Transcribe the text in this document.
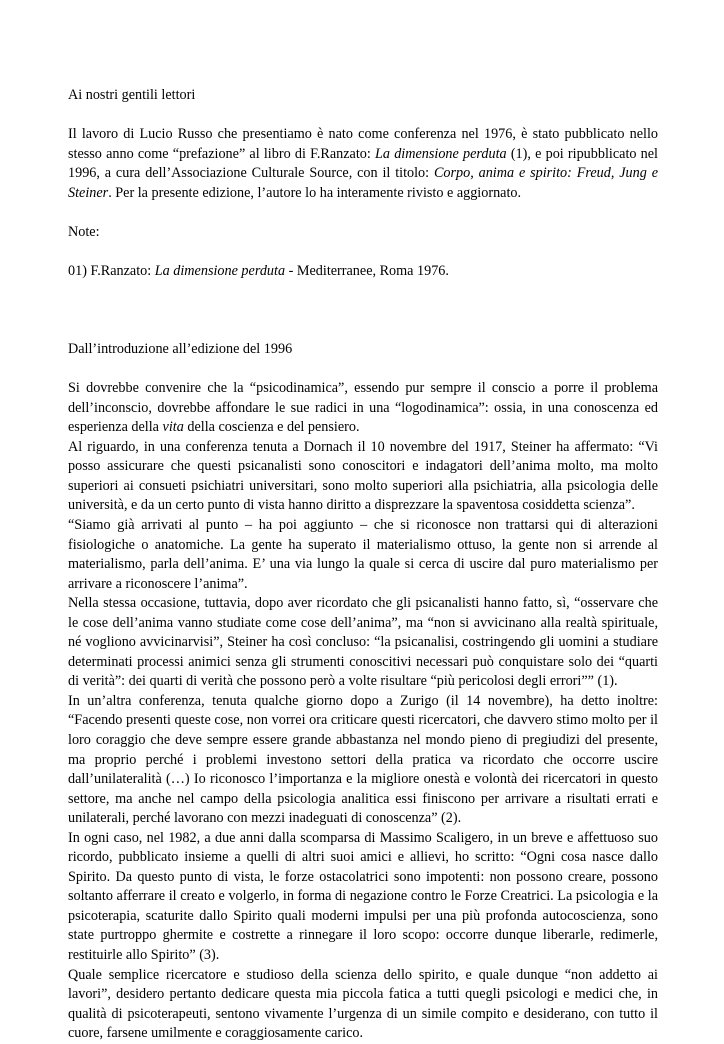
Ai nostri gentili lettori

Il lavoro di Lucio Russo che presentiamo è nato come conferenza nel 1976, è stato pubblicato nello stesso anno come “prefazione” al libro di F.Ranzato: La dimensione perduta (1), e poi ripubblicato nel 1996, a cura dell’Associazione Culturale Source, con il titolo: Corpo, anima e spirito: Freud, Jung e Steiner. Per la presente edizione, l’autore lo ha interamente rivisto e aggiornato.

Note:

01) F.Ranzato: La dimensione perduta - Mediterranee, Roma 1976.

Dall’introduzione all’edizione del 1996

Si dovrebbe convenire che la “psicodinamica”, essendo pur sempre il conscio a porre il problema dell’inconscio, dovrebbe affondare le sue radici in una “logodinamica”: ossia, in una conoscenza ed esperienza della vita della coscienza e del pensiero.

Al riguardo, in una conferenza tenuta a Dornach il 10 novembre del 1917, Steiner ha affermato: “Vi posso assicurare che questi psicanalisti sono conoscitori e indagatori dell’anima molto, ma molto superiori ai consueti psichiatri universitari, sono molto superiori alla psichiatria, alla psicologia delle università, e da un certo punto di vista hanno diritto a disprezzare la spaventosa cosiddetta scienza”.

“Siamo già arrivati al punto – ha poi aggiunto – che si riconosce non trattarsi qui di alterazioni fisiologiche o anatomiche. La gente ha superato il materialismo ottuso, la gente non si arrende al materialismo, parla dell’anima. E’ una via lungo la quale si cerca di uscire dal puro materialismo per arrivare a riconoscere l’anima”.

Nella stessa occasione, tuttavia, dopo aver ricordato che gli psicanalisti hanno fatto, sì, “osservare che le cose dell’anima vanno studiate come cose dell’anima”, ma “non si avvicinano alla realtà spirituale, né vogliono avvicinarvisi”, Steiner ha così concluso: “la psicanalisi, costringendo gli uomini a studiare determinati processi animici senza gli strumenti conoscitivi necessari può conquistare solo dei “quarti di verità”: dei quarti di verità che possono però a volte risultare “più pericolosi degli errori”” (1).

In un’altra conferenza, tenuta qualche giorno dopo a Zurigo (il 14 novembre), ha detto inoltre: “Facendo presenti queste cose, non vorrei ora criticare questi ricercatori, che davvero stimo molto per il loro coraggio che deve sempre essere grande abbastanza nel mondo pieno di pregiudizi del presente, ma proprio perché i problemi investono settori della pratica va ricordato che occorre uscire dall’unilateralità (…) Io riconosco l’importanza e la migliore onestà e volontà dei ricercatori in questo settore, ma anche nel campo della psicologia analitica essi finiscono per arrivare a risultati errati e unilaterali, perché lavorano con mezzi inadeguati di conoscenza” (2).

In ogni caso, nel 1982, a due anni dalla scomparsa di Massimo Scaligero, in un breve e affettuoso suo ricordo, pubblicato insieme a quelli di altri suoi amici e allievi, ho scritto: “Ogni cosa nasce dallo Spirito. Da questo punto di vista, le forze ostacolatrici sono impotenti: non possono creare, possono soltanto afferrare il creato e volgerlo, in forma di negazione contro le Forze Creatrici. La psicologia e la psicoterapia, scaturite dallo Spirito quali moderni impulsi per una più profonda autocoscienza, sono state purtroppo ghermite e costrette a rinnegare il loro scopo: occorre dunque liberarle, redimerle, restituirle allo Spirito” (3).

Quale semplice ricercatore e studioso della scienza dello spirito, e quale dunque “non addetto ai lavori”, desidero pertanto dedicare questa mia piccola fatica a tutti quegli psicologi e medici che, in qualità di psicoterapeuti, sentono vivamente l’urgenza di un simile compito e desiderano, con tutto il cuore, farsene umilmente e coraggiosamente carico.
